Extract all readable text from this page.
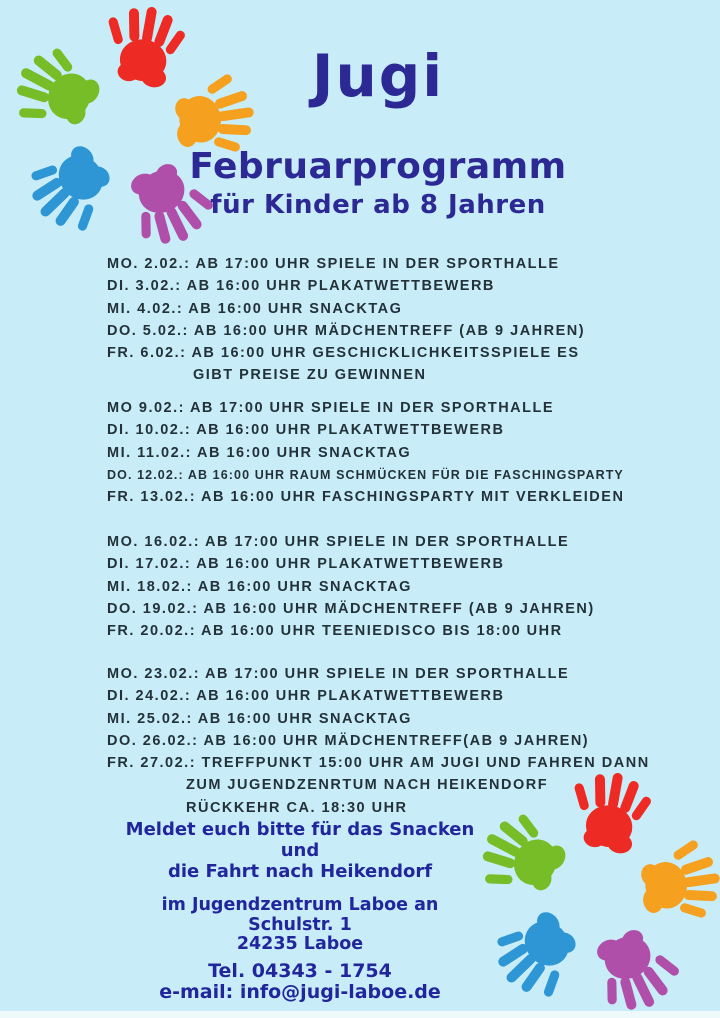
Jugi
Februarprogramm
für Kinder ab 8 Jahren
MO. 2.02.: AB 17:00 UHR SPIELE IN DER SPORTHALLE
DI. 3.02.: AB 16:00 UHR PLAKATWETTBEWERB
MI. 4.02.: AB 16:00 UHR SNACKTAG
DO. 5.02.: AB 16:00 UHR MÄDCHENTREFF (AB 9 JAHREN)
FR. 6.02.: AB 16:00 UHR GESCHICKLICHKEITSSPIELE ES
GIBT PREISE ZU GEWINNEN
MO 9.02.: AB 17:00 UHR SPIELE IN DER SPORTHALLE
DI. 10.02.: AB 16:00 UHR PLAKATWETTBEWERB
MI. 11.02.: AB 16:00 UHR SNACKTAG
DO. 12.02.: AB 16:00 UHR RAUM SCHMÜCKEN FÜR DIE FASCHINGSPARTY
FR. 13.02.: AB 16:00 UHR FASCHINGSPARTY MIT VERKLEIDEN
MO. 16.02.: AB 17:00 UHR SPIELE IN DER SPORTHALLE
DI. 17.02.: AB 16:00 UHR PLAKATWETTBEWERB
MI. 18.02.: AB 16:00 UHR SNACKTAG
DO. 19.02.: AB 16:00 UHR MÄDCHENTREFF (AB 9 JAHREN)
FR. 20.02.: AB 16:00 UHR TEENIEDISCO BIS 18:00 UHR
MO. 23.02.: AB 17:00 UHR SPIELE IN DER SPORTHALLE
DI. 24.02.: AB 16:00 UHR PLAKATWETTBEWERB
MI. 25.02.: AB 16:00 UHR SNACKTAG
DO. 26.02.: AB 16:00 UHR MÄDCHENTREFF(AB 9 JAHREN)
FR. 27.02.: TREFFPUNKT 15:00 UHR AM JUGI UND FAHREN DANN
ZUM JUGENDZENRTUM NACH HEIKENDORF
RÜCKKEHR CA. 18:30 UHR
Meldet euch bitte für das Snacken
und
die Fahrt nach Heikendorf
im Jugendzentrum Laboe an
Schulstr. 1
24235 Laboe
Tel. 04343 - 1754
e-mail: info@jugi-laboe.de
